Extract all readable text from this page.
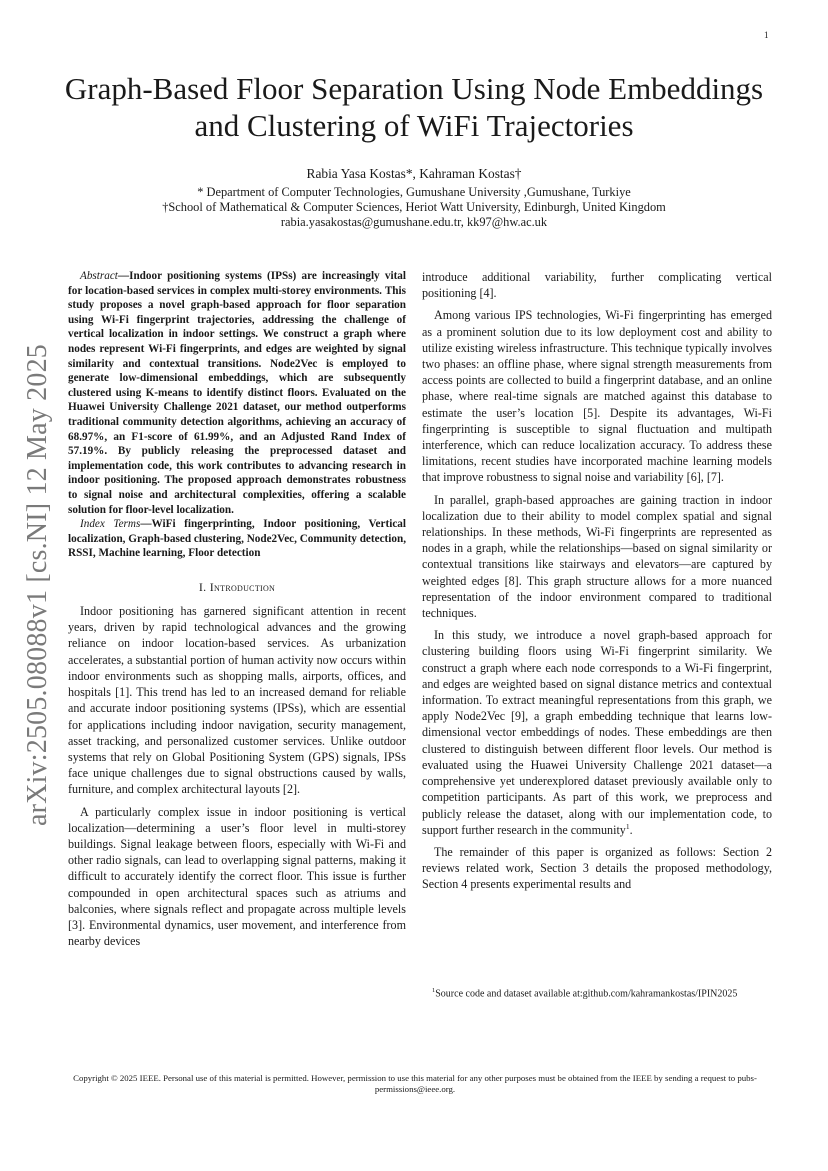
1
arXiv:2505.08088v1 [cs.NI] 12 May 2025
Graph-Based Floor Separation Using Node Embeddings and Clustering of WiFi Trajectories
Rabia Yasa Kostas*, Kahraman Kostas†
* Department of Computer Technologies, Gumushane University ,Gumushane, Turkiye
†School of Mathematical & Computer Sciences, Heriot Watt University, Edinburgh, United Kingdom
rabia.yasakostas@gumushane.edu.tr, kk97@hw.ac.uk

Abstract—Indoor positioning systems (IPSs) are increasingly vital for location-based services in complex multi-storey environments. This study proposes a novel graph-based approach for floor separation using Wi-Fi fingerprint trajectories, addressing the challenge of vertical localization in indoor settings. We construct a graph where nodes represent Wi-Fi fingerprints, and edges are weighted by signal similarity and contextual transitions. Node2Vec is employed to generate low-dimensional embeddings, which are subsequently clustered using K-means to identify distinct floors. Evaluated on the Huawei University Challenge 2021 dataset, our method outperforms traditional community detection algorithms, achieving an accuracy of 68.97%, an F1-score of 61.99%, and an Adjusted Rand Index of 57.19%. By publicly releasing the preprocessed dataset and implementation code, this work contributes to advancing research in indoor positioning. The proposed approach demonstrates robustness to signal noise and architectural complexities, offering a scalable solution for floor-level localization.

Index Terms—WiFi fingerprinting, Indoor positioning, Vertical localization, Graph-based clustering, Node2Vec, Community detection, RSSI, Machine learning, Floor detection

I. Introduction

Indoor positioning has garnered significant attention in recent years, driven by rapid technological advances and the growing reliance on indoor location-based services. As urbanization accelerates, a substantial portion of human activity now occurs within indoor environments such as shopping malls, airports, offices, and hospitals [1]. This trend has led to an increased demand for reliable and accurate indoor positioning systems (IPSs), which are essential for applications including indoor navigation, security management, asset tracking, and personalized customer services. Unlike outdoor systems that rely on Global Positioning System (GPS) signals, IPSs face unique challenges due to signal obstructions caused by walls, furniture, and complex architectural layouts [2].

A particularly complex issue in indoor positioning is vertical localization—determining a user’s floor level in multi-storey buildings. Signal leakage between floors, especially with Wi-Fi and other radio signals, can lead to overlapping signal patterns, making it difficult to accurately identify the correct floor. This issue is further compounded in open architectural spaces such as atriums and balconies, where signals reflect and propagate across multiple levels [3]. Environmental dynamics, user movement, and interference from nearby devices

introduce additional variability, further complicating vertical positioning [4].

Among various IPS technologies, Wi-Fi fingerprinting has emerged as a prominent solution due to its low deployment cost and ability to utilize existing wireless infrastructure. This technique typically involves two phases: an offline phase, where signal strength measurements from access points are collected to build a fingerprint database, and an online phase, where real-time signals are matched against this database to estimate the user’s location [5]. Despite its advantages, Wi-Fi fingerprinting is susceptible to signal fluctuation and multipath interference, which can reduce localization accuracy. To address these limitations, recent studies have incorporated machine learning models that improve robustness to signal noise and variability [6], [7].

In parallel, graph-based approaches are gaining traction in indoor localization due to their ability to model complex spatial and signal relationships. In these methods, Wi-Fi fingerprints are represented as nodes in a graph, while the relationships—based on signal similarity or contextual transitions like stairways and elevators—are captured by weighted edges [8]. This graph structure allows for a more nuanced representation of the indoor environment compared to traditional techniques.

In this study, we introduce a novel graph-based approach for clustering building floors using Wi-Fi fingerprint similarity. We construct a graph where each node corresponds to a Wi-Fi fingerprint, and edges are weighted based on signal distance metrics and contextual information. To extract meaningful representations from this graph, we apply Node2Vec [9], a graph embedding technique that learns low-dimensional vector embeddings of nodes. These embeddings are then clustered to distinguish between different floor levels. Our method is evaluated using the Huawei University Challenge 2021 dataset—a comprehensive yet underexplored dataset previously available only to competition participants. As part of this work, we preprocess and publicly release the dataset, along with our implementation code, to support further research in the community$^1$.

The remainder of this paper is organized as follows: Section 2 reviews related work, Section 3 details the proposed methodology, Section 4 presents experimental results and

$^1$Source code and dataset available at:github.com/kahramankostas/IPIN2025
Copyright © 2025 IEEE. Personal use of this material is permitted. However, permission to use this material for any other purposes must be obtained from the IEEE by sending a request to pubs-permissions@ieee.org.
